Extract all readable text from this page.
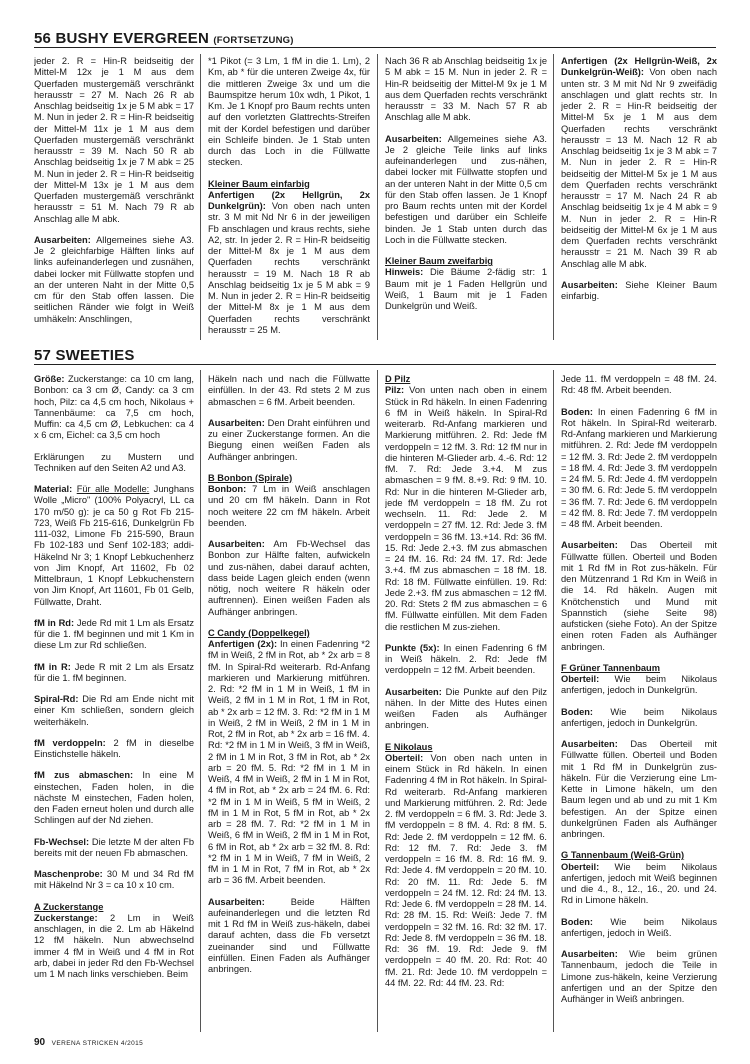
56 BUSHY EVERGREEN (FORTSETZUNG)

jeder 2. R = Hin-R beidseitig der Mittel-M 12x je 1 M aus dem Querfaden mustergemäß verschränkt herausstr = 27 M. Nach 26 R ab Anschlag beidseitig 1x je 5 M abk = 17 M. Nun in jeder 2. R = Hin-R beidseitig der Mittel-M 11x je 1 M aus dem Querfaden mustergemäß verschränkt herausstr = 39 M. Nach 50 R ab Anschlag beidseitig 1x je 7 M abk = 25 M. Nun in jeder 2. R = Hin-R beidseitig der Mittel-M 13x je 1 M aus dem Querfaden mustergemäß verschränkt herausstr = 51 M. Nach 79 R ab Anschlag alle M abk.

Ausarbeiten: Allgemeines siehe A3. Je 2 gleichfarbige Hälften links auf links aufeinanderlegen und zusnähen, dabei locker mit Füllwatte stopfen und an der unteren Naht in der Mitte 0,5 cm für den Stab offen lassen. Die seitlichen Ränder wie folgt in Weiß umhäkeln: Anschlingen,

*1 Pikot (= 3 Lm, 1 fM in die 1. Lm), 2 Km, ab * für die unteren Zweige 4x, für die mittleren Zweige 3x und um die Baumspitze herum 10x wdh, 1 Pikot, 1 Km. Je 1 Knopf pro Baum rechts unten auf den vorletzten Glattrechts-Streifen mit der Kordel befestigen und darüber ein Schleife binden. Je 1 Stab unten durch das Loch in die Füllwatte stecken.

Kleiner Baum einfarbig

Anfertigen (2x Hellgrün, 2x Dunkelgrün): Von oben nach unten str. 3 M mit Nd Nr 6 in der jeweiligen Fb anschlagen und kraus rechts, siehe A2, str. In jeder 2. R = Hin-R beidseitig der Mittel-M 8x je 1 M aus dem Querfaden rechts verschränkt herausstr = 19 M. Nach 18 R ab Anschlag beidseitig 1x je 5 M abk = 9 M. Nun in jeder 2. R = Hin-R beidseitig der Mittel-M 8x je 1 M aus dem Querfaden rechts verschränkt herausstr = 25 M.

Nach 36 R ab Anschlag beidseitig 1x je 5 M abk = 15 M. Nun in jeder 2. R = Hin-R beidseitig der Mittel-M 9x je 1 M aus dem Querfaden rechts verschränkt herausstr = 33 M. Nach 57 R ab Anschlag alle M abk.

Ausarbeiten: Allgemeines siehe A3. Je 2 gleiche Teile links auf links aufeinanderlegen und zus-nähen, dabei locker mit Füllwatte stopfen und an der unteren Naht in der Mitte 0,5 cm für den Stab offen lassen. Je 1 Knopf pro Baum rechts unten mit der Kordel befestigen und darüber ein Schleife binden. Je 1 Stab unten durch das Loch in die Füllwatte stecken.

Kleiner Baum zweifarbig

Hinweis: Die Bäume 2-fädig str: 1 Baum mit je 1 Faden Hellgrün und Weiß, 1 Baum mit je 1 Faden Dunkelgrün und Weiß.

Anfertigen (2x Hellgrün-Weiß, 2x Dunkelgrün-Weiß): Von oben nach unten str. 3 M mit Nd Nr 9 zweifädig anschlagen und glatt rechts str. In jeder 2. R = Hin-R beidseitig der Mittel-M 5x je 1 M aus dem Querfaden rechts verschränkt herausstr = 13 M. Nach 12 R ab Anschlag beidseitig 1x je 3 M abk = 7 M. Nun in jeder 2. R = Hin-R beidseitig der Mittel-M 5x je 1 M aus dem Querfaden rechts verschränkt herausstr = 17 M. Nach 24 R ab Anschlag beidseitig 1x je 4 M abk = 9 M. Nun in jeder 2. R = Hin-R beidseitig der Mittel-M 6x je 1 M aus dem Querfaden rechts verschränkt herausstr = 21 M. Nach 39 R ab Anschlag alle M abk.

Ausarbeiten: Siehe Kleiner Baum einfarbig.

57 SWEETIES

Größe: Zuckerstange: ca 10 cm lang, Bonbon: ca 3 cm Ø, Candy: ca 3 cm hoch, Pilz: ca 4,5 cm hoch, Nikolaus + Tannenbäume: ca 7,5 cm hoch, Muffin: ca 4,5 cm Ø, Lebkuchen: ca 4 x 6 cm, Eichel: ca 3,5 cm hoch

Erklärungen zu Mustern und Techniken auf den Seiten A2 und A3.

Material: Für alle Modelle: Junghans Wolle „Micro" (100% Polyacryl, LL ca 170 m/50 g): je ca 50 g Rot Fb 215-723, Weiß Fb 215-616, Dunkelgrün Fb 111-032, Limone Fb 215-590, Braun Fb 102-183 und Senf 102-183; addi-Häkelnd Nr 3; 1 Knopf Lebkuchenherz von Jim Knopf, Art 11602, Fb 02 Mittelbraun, 1 Knopf Lebkuchenstern von Jim Knopf, Art 11601, Fb 01 Gelb, Füllwatte, Draht.

fM in Rd: Jede Rd mit 1 Lm als Ersatz für die 1. fM beginnen und mit 1 Km in diese Lm zur Rd schließen.

fM in R: Jede R mit 2 Lm als Ersatz für die 1. fM beginnen.

Spiral-Rd: Die Rd am Ende nicht mit einer Km schließen, sondern gleich weiterhäkeln.

fM verdoppeln: 2 fM in dieselbe Einstichstelle häkeln.

fM zus abmaschen: In eine M einstechen, Faden holen, in die nächste M einstechen, Faden holen, den Faden erneut holen und durch alle Schlingen auf der Nd ziehen.

Fb-Wechsel: Die letzte M der alten Fb bereits mit der neuen Fb abmaschen.

Maschenprobe: 30 M und 34 Rd fM mit Häkelnd Nr 3 = ca 10 x 10 cm.

A Zuckerstange

Zuckerstange: 2 Lm in Weiß anschlagen, in die 2. Lm ab Häkelnd 12 fM häkeln. Nun abwechselnd immer 4 fM in Weiß und 4 fM in Rot arb, dabei in jeder Rd den Fb-Wechsel um 1 M nach links verschieben. Beim

Häkeln nach und nach die Füllwatte einfüllen. In der 43. Rd stets 2 M zus abmaschen = 6 fM. Arbeit beenden.

Ausarbeiten: Den Draht einführen und zu einer Zuckerstange formen. An die Biegung einen weißen Faden als Aufhänger anbringen.

B Bonbon (Spirale)

Bonbon: 7 Lm in Weiß anschlagen und 20 cm fM häkeln. Dann in Rot noch weitere 22 cm fM häkeln. Arbeit beenden.

Ausarbeiten: Am Fb-Wechsel das Bonbon zur Hälfte falten, aufwickeln und zus-nähen, dabei darauf achten, dass beide Lagen gleich enden (wenn nötig, noch weitere R häkeln oder auftrennen). Einen weißen Faden als Aufhänger anbringen.

C Candy (Doppelkegel)

Anfertigen (2x): In einen Fadenring *2 fM in Weiß, 2 fM in Rot, ab * 2x arb = 8 fM. In Spiral-Rd weiterarb. Rd-Anfang markieren und Markierung mitführen. 2. Rd: *2 fM in 1 M in Weiß, 1 fM in Weiß, 2 fM in 1 M in Rot, 1 fM in Rot, ab * 2x arb = 12 fM. 3. Rd: *2 fM in 1 M in Weiß, 2 fM in Weiß, 2 fM in 1 M in Rot, 2 fM in Rot, ab * 2x arb = 16 fM. 4. Rd: *2 fM in 1 M in Weiß, 3 fM in Weiß, 2 fM in 1 M in Rot, 3 fM in Rot, ab * 2x arb = 20 fM. 5. Rd: *2 fM in 1 M in Weiß, 4 fM in Weiß, 2 fM in 1 M in Rot, 4 fM in Rot, ab * 2x arb = 24 fM. 6. Rd: *2 fM in 1 M in Weiß, 5 fM in Weiß, 2 fM in 1 M in Rot, 5 fM in Rot, ab * 2x arb = 28 fM. 7. Rd: *2 fM in 1 M in Weiß, 6 fM in Weiß, 2 fM in 1 M in Rot, 6 fM in Rot, ab * 2x arb = 32 fM. 8. Rd: *2 fM in 1 M in Weiß, 7 fM in Weiß, 2 fM in 1 M in Rot, 7 fM in Rot, ab * 2x arb = 36 fM. Arbeit beenden.

Ausarbeiten: Beide Hälften aufeinanderlegen und die letzten Rd mit 1 Rd fM in Weiß zus-häkeln, dabei darauf achten, dass die Fb versetzt zueinander sind und Füllwatte einfüllen. Einen Faden als Aufhänger anbringen.

D Pilz

Pilz: Von unten nach oben in einem Stück in Rd häkeln. In einen Fadenring 6 fM in Weiß häkeln. In Spiral-Rd weiterarb. Rd-Anfang markieren und Markierung mitführen. 2. Rd: Jede fM verdoppeln = 12 fM. 3. Rd: 12 fM nur in die hinteren M-Glieder arb. 4.-6. Rd: 12 fM. 7. Rd: Jede 3.+4. M zus abmaschen = 9 fM. 8.+9. Rd: 9 fM. 10. Rd: Nur in die hinteren M-Glieder arb, jede fM verdoppeln = 18 fM. Zu rot wechseln. 11. Rd: Jede 2. M verdoppeln = 27 fM. 12. Rd: Jede 3. fM verdoppeln = 36 fM. 13.+14. Rd: 36 fM. 15. Rd: Jede 2.+3. fM zus abmaschen = 24 fM. 16. Rd: 24 fM. 17. Rd: Jede 3.+4. fM zus abmaschen = 18 fM. 18. Rd: 18 fM. Füllwatte einfüllen. 19. Rd: Jede 2.+3. fM zus abmaschen = 12 fM. 20. Rd: Stets 2 fM zus abmaschen = 6 fM. Füllwatte einfüllen. Mit dem Faden die restlichen M zus-ziehen.

Punkte (5x): In einen Fadenring 6 fM in Weiß häkeln. 2. Rd: Jede fM verdoppeln = 12 fM. Arbeit beenden.

Ausarbeiten: Die Punkte auf den Pilz nähen. In der Mitte des Hutes einen weißen Faden als Aufhänger anbringen.

E Nikolaus

Oberteil: Von oben nach unten in einem Stück in Rd häkeln. In einen Fadenring 4 fM in Rot häkeln. In Spiral-Rd weiterarb. Rd-Anfang markieren und Markierung mitführen. 2. Rd: Jede 2. fM verdoppeln = 6 fM. 3. Rd: Jede 3. fM verdoppeln = 8 fM. 4. Rd: 8 fM. 5. Rd: Jede 2. fM verdoppeln = 12 fM. 6. Rd: 12 fM. 7. Rd: Jede 3. fM verdoppeln = 16 fM. 8. Rd: 16 fM. 9. Rd: Jede 4. fM verdoppeln = 20 fM. 10. Rd: 20 fM. 11. Rd: Jede 5. fM verdoppeln = 24 fM. 12. Rd: 24 fM. 13. Rd: Jede 6. fM verdoppeln = 28 fM. 14. Rd: 28 fM. 15. Rd: Weiß: Jede 7. fM verdoppeln = 32 fM. 16. Rd: 32 fM. 17. Rd: Jede 8. fM verdoppeln = 36 fM. 18. Rd: 36 fM. 19. Rd: Jede 9. fM verdoppeln = 40 fM. 20. Rd: Rot: 40 fM. 21. Rd: Jede 10. fM verdoppeln = 44 fM. 22. Rd: 44 fM. 23. Rd:

Jede 11. fM verdoppeln = 48 fM. 24. Rd: 48 fM. Arbeit beenden.

Boden: In einen Fadenring 6 fM in Rot häkeln. In Spiral-Rd weiterarb. Rd-Anfang markieren und Markierung mitführen. 2. Rd: Jede fM verdoppeln = 12 fM. 3. Rd: Jede 2. fM verdoppeln = 18 fM. 4. Rd: Jede 3. fM verdoppeln = 24 fM. 5. Rd: Jede 4. fM verdoppeln = 30 fM. 6. Rd: Jede 5. fM verdoppeln = 36 fM. 7. Rd: Jede 6. fM verdoppeln = 42 fM. 8. Rd: Jede 7. fM verdoppeln = 48 fM. Arbeit beenden.

Ausarbeiten: Das Oberteil mit Füllwatte füllen. Oberteil und Boden mit 1 Rd fM in Rot zus-häkeln. Für den Mützenrand 1 Rd Km in Weiß in die 14. Rd häkeln. Augen mit Knötchenstich und Mund mit Spannstich (siehe Seite 98) aufsticken (siehe Foto). An der Spitze einen roten Faden als Aufhänger anbringen.

F Grüner Tannenbaum

Oberteil: Wie beim Nikolaus anfertigen, jedoch in Dunkelgrün.

Boden: Wie beim Nikolaus anfertigen, jedoch in Dunkelgrün.

Ausarbeiten: Das Oberteil mit Füllwatte füllen. Oberteil und Boden mit 1 Rd fM in Dunkelgrün zus-häkeln. Für die Verzierung eine Lm-Kette in Limone häkeln, um den Baum legen und ab und zu mit 1 Km befestigen. An der Spitze einen dunkelgrünen Faden als Aufhänger anbringen.

G Tannenbaum (Weiß-Grün)

Oberteil: Wie beim Nikolaus anfertigen, jedoch mit Weiß beginnen und die 4., 8., 12., 16., 20. und 24. Rd in Limone häkeln.

Boden: Wie beim Nikolaus anfertigen, jedoch in Weiß.

Ausarbeiten: Wie beim grünen Tannenbaum, jedoch die Teile in Limone zus-häkeln, keine Verzierung anfertigen und an der Spitze den Aufhänger in Weiß anbringen.

90 VERENA STRICKEN 4/2015
